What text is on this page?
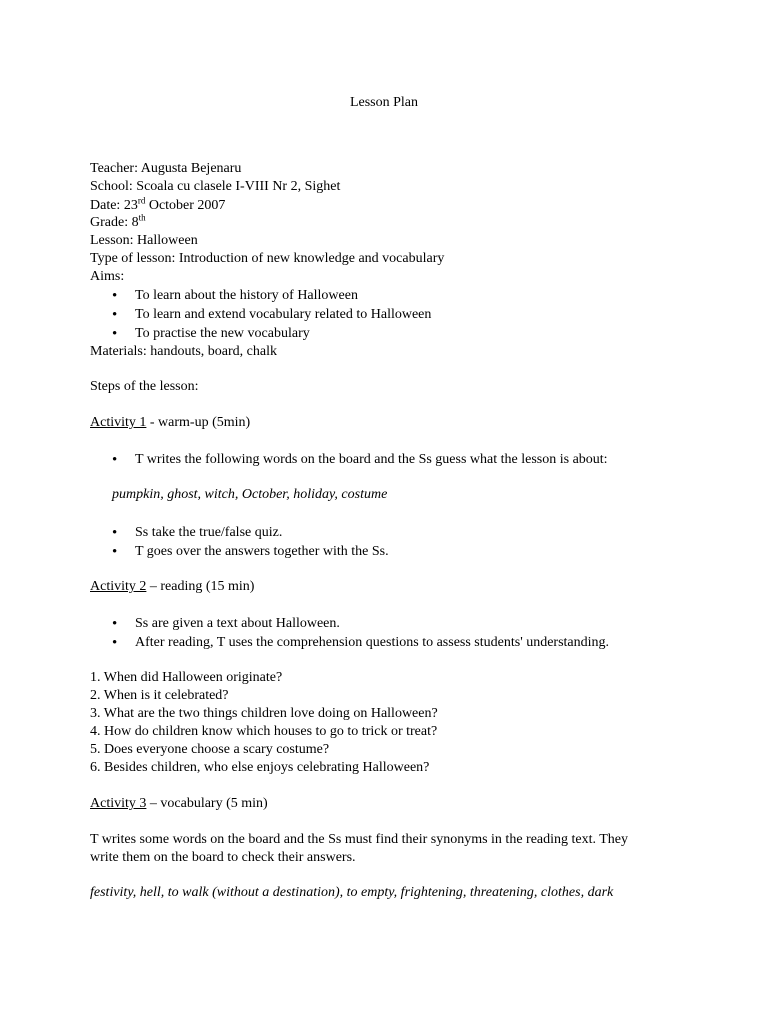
Lesson Plan
Teacher: Augusta Bejenaru
School: Scoala cu clasele I-VIII Nr 2, Sighet
Date: 23rd October 2007
Grade: 8th
Lesson: Halloween
Type of lesson: Introduction of new knowledge and vocabulary
Aims:
• To learn about the history of Halloween
• To learn and extend vocabulary related to Halloween
• To practise the new vocabulary
Materials: handouts, board, chalk
Steps of the lesson:
Activity 1 - warm-up (5min)
• T writes the following words on the board and the Ss guess what the lesson is about:
pumpkin, ghost, witch, October, holiday, costume
• Ss take the true/false quiz.
• T goes over the answers together with the Ss.
Activity 2 – reading (15 min)
• Ss are given a text about Halloween.
• After reading, T uses the comprehension questions to assess students' understanding.
1. When did Halloween originate?
2. When is it celebrated?
3. What are the two things children love doing on Halloween?
4. How do children know which houses to go to trick or treat?
5. Does everyone choose a scary costume?
6. Besides children, who else enjoys celebrating Halloween?
Activity 3 – vocabulary (5 min)
T writes some words on the board and the Ss must find their synonyms in the reading text. They
write them on the board to check their answers.
festivity, hell, to walk (without a destination), to empty, frightening, threatening, clothes, dark
